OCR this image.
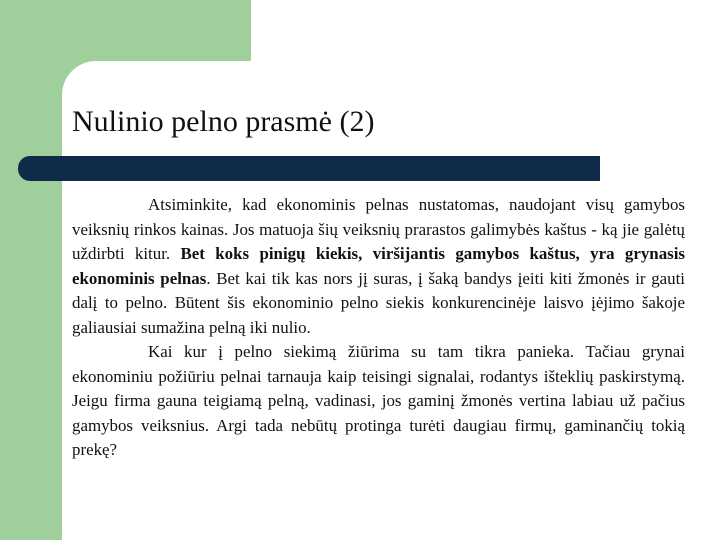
Nulinio pelno prasmė (2)

Atsiminkite, kad ekonominis pelnas nustatomas, naudojant visų gamybos veiksnių rinkos kainas. Jos matuoja šių veiksnių prarastos galimybės kaštus - ką jie galėtų uždirbti kitur. Bet koks pinigų kiekis, viršijantis gamybos kaštus, yra grynasis ekonominis pelnas. Bet kai tik kas nors jį suras, į šaką bandys įeiti kiti žmonės ir gauti dalį to pelno. Būtent šis ekonominio pelno siekis konkurencinėje laisvo įėjimo šakoje galiausiai sumažina pelną iki nulio.

Kai kur į pelno siekimą žiūrima su tam tikra panieka. Tačiau grynai ekonominiu požiūriu pelnai tarnauja kaip teisingi signalai, rodantys išteklių paskirstymą. Jeigu firma gauna teigiamą pelną, vadinasi, jos gaminį žmonės vertina labiau už pačius gamybos veiksnius. Argi tada nebūtų protinga turėti daugiau firmų, gaminančių tokią prekę?
